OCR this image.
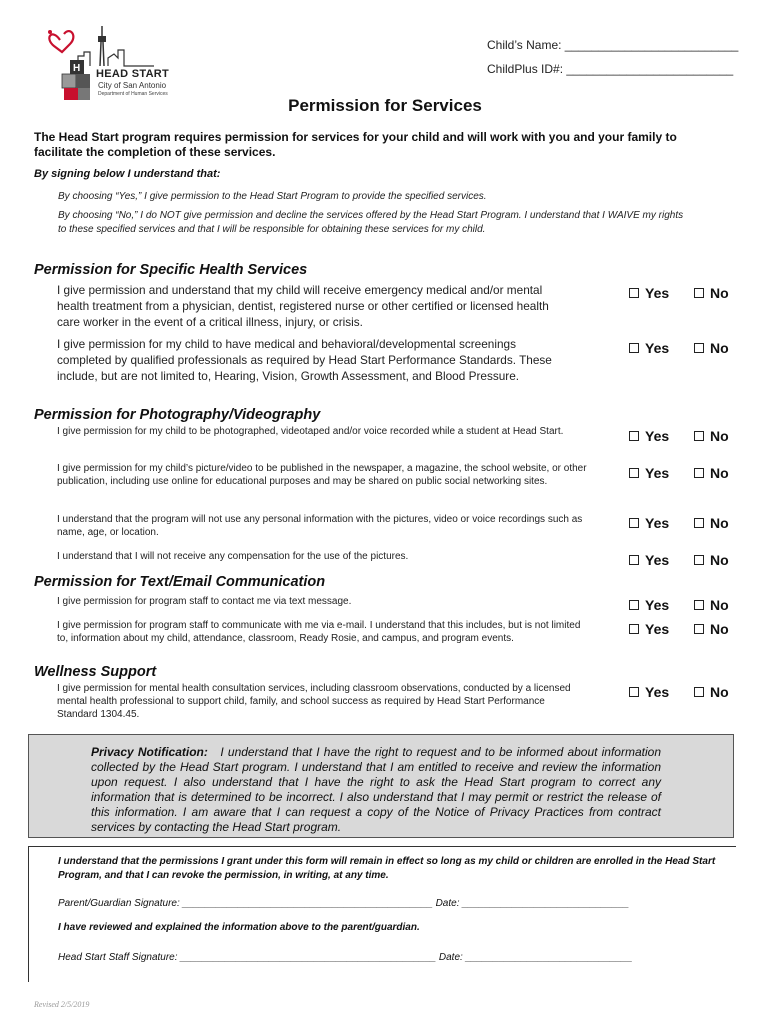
H HEAD START
City of San Antonio
Department of Human Services
Child’s Name: __________________________
ChildPlus ID#: _________________________
Permission for Services
The Head Start program requires permission for services for your child and will work with you and your family to facilitate the completion of these services.
By signing below I understand that:
By choosing “Yes,” I give permission to the Head Start Program to provide the specified services.
By choosing “No,” I do NOT give permission and decline the services offered by the Head Start Program. I understand that I WAIVE my rights to these specified services and that I will be responsible for obtaining these services for my child.
Permission for Specific Health Services
I give permission and understand that my child will receive emergency medical and/or mental health treatment from a physician, dentist, registered nurse or other certified or licensed health care worker in the event of a critical illness, injury, or crisis.
Yes	No
I give permission for my child to have medical and behavioral/developmental screenings completed by qualified professionals as required by Head Start Performance Standards. These include, but are not limited to, Hearing, Vision, Growth Assessment, and Blood Pressure.
Yes	No
Permission for Photography/Videography
I give permission for my child to be photographed, videotaped and/or voice recorded while a student at Head Start.	Yes	No
I give permission for my child’s picture/video to be published in the newspaper, a magazine, the school website, or other publication, including use online for educational purposes and may be shared on public social networking sites.
Yes	No
I understand that the program will not use any personal information with the pictures, video or voice recordings such as name, age, or location.
Yes	No
I understand that I will not receive any compensation for the use of the pictures.	Yes	No
Permission for Text/Email Communication
I give permission for program staff to contact me via text message.	Yes	No
I give permission for program staff to communicate with me via e-mail. I understand that this includes, but is not limited to, information about my child, attendance, classroom, Ready Rosie, and campus, and program events.
Yes	No
Wellness Support
I give permission for mental health consultation services, including classroom observations, conducted by a licensed mental health professional to support child, family, and school success as required by Head Start Performance Standard 1304.45.
Yes	No
Privacy Notification: I understand that I have the right to request and to be informed about information collected by the Head Start program. I understand that I am entitled to receive and review the information upon request. I also understand that I have the right to ask the Head Start program to correct any information that is determined to be incorrect. I also understand that I may permit or restrict the release of this information. I am aware that I can request a copy of the Notice of Privacy Practices from contract services by contacting the Head Start program.
I understand that the permissions I grant under this form will remain in effect so long as my child or children are enrolled in the Head Start Program, and that I can revoke the permission, in writing, at any time.
Parent/Guardian Signature: _____________________________________________ Date: ______________________________
I have reviewed and explained the information above to the parent/guardian.
Head Start Staff Signature: ______________________________________________ Date: ______________________________
Revised 2/5/2019
